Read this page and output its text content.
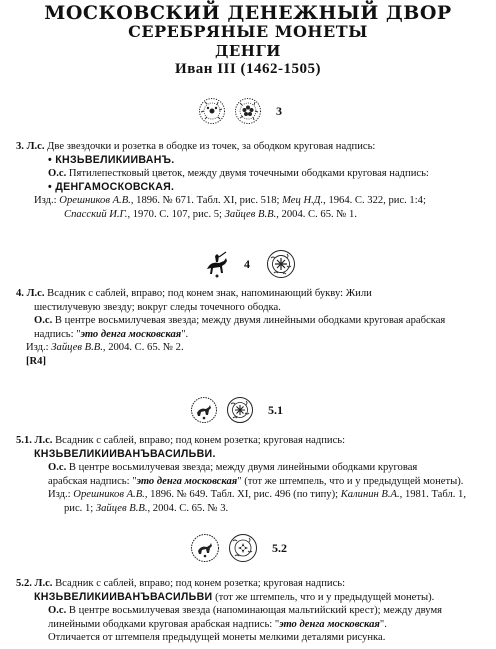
МОСКОВСКИЙ ДЕНЕЖНЫЙ ДВОР
СЕРЕБРЯНЫЕ МОНЕТЫ
ДЕНГИ
Иван III (1462-1505)
3
3. Л.с. Две звездочки и розетка в ободке из точек, за ободком круговая надпись:
• КНЗЬВЕЛИКИИВАНЪ.
О.с. Пятилепестковый цветок, между двумя точечными ободками круговая надпись:
• ДЕНГАМОСКОВСКАЯ.
Изд.: Орешников А.В., 1896. № 671. Табл. XI, рис. 518; Мец Н.Д., 1964. С. 322, рис. 1:4;
Спасский И.Г., 1970. С. 107, рис. 5; Зайцев В.В., 2004. С. 65. № 1.
4
4. Л.с. Всадник с саблей, вправо; под конем знак, напоминающий букву: Жили
шестилучевую звезду; вокруг следы точечного ободка.
О.с. В центре восьмилучевая звезда; между двумя линейными ободками круговая арабская
надпись: "это денга московская".
Изд.: Зайцев В.В., 2004. С. 65. № 2.
[R4]
5.1
5.1. Л.с. Всадник с саблей, вправо; под конем розетка; круговая надпись:
КНЗЬВЕЛИКИИВАНЪВАСИЛЬВИ.
О.с. В центре восьмилучевая звезда; между двумя линейными ободками круговая
арабская надпись: "это денга московская" (тот же штемпель, что и у предыдущей монеты).
Изд.: Орешников А.В., 1896. № 649. Табл. XI, рис. 496 (по типу); Калинин В.А., 1981. Табл. 1,
рис. 1; Зайцев В.В., 2004. С. 65. № 3.
5.2
5.2. Л.с. Всадник с саблей, вправо; под конем розетка; круговая надпись:
КНЗЬВЕЛИКИИВАНЪВАСИЛЬВИ (тот же штемпель, что и у предыдущей монеты).
О.с. В центре восьмилучевая звезда (напоминающая мальтийский крест); между двумя
линейными ободками круговая арабская надпись: "это денга московская".
Отличается от штемпеля предыдущей монеты мелкими деталями рисунка.
